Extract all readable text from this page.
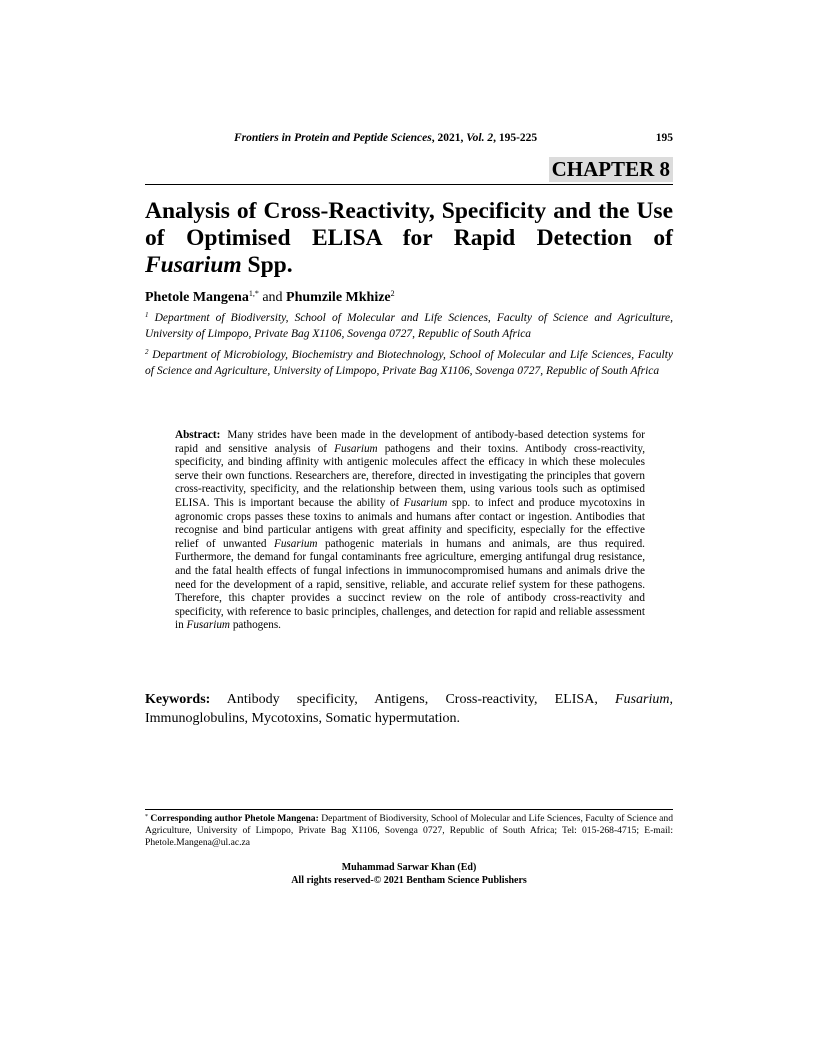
Frontiers in Protein and Peptide Sciences, 2021, Vol. 2, 195-225	195
CHAPTER 8
Analysis of Cross-Reactivity, Specificity and the Use of Optimised ELISA for Rapid Detection of Fusarium Spp.
Phetole Mangena$^{1,*}$ and Phumzile Mkhize$^2$
$^1$ Department of Biodiversity, School of Molecular and Life Sciences, Faculty of Science and Agriculture, University of Limpopo, Private Bag X1106, Sovenga 0727, Republic of South Africa
$^2$ Department of Microbiology, Biochemistry and Biotechnology, School of Molecular and Life Sciences, Faculty of Science and Agriculture, University of Limpopo, Private Bag X1106, Sovenga 0727, Republic of South Africa
Abstract: Many strides have been made in the development of antibody-based detection systems for rapid and sensitive analysis of Fusarium pathogens and their toxins. Antibody cross-reactivity, specificity, and binding affinity with antigenic molecules affect the efficacy in which these molecules serve their own functions. Researchers are, therefore, directed in investigating the principles that govern cross-reactivity, specificity, and the relationship between them, using various tools such as optimised ELISA. This is important because the ability of Fusarium spp. to infect and produce mycotoxins in agronomic crops passes these toxins to animals and humans after contact or ingestion. Antibodies that recognise and bind particular antigens with great affinity and specificity, especially for the effective relief of unwanted Fusarium pathogenic materials in humans and animals, are thus required. Furthermore, the demand for fungal contaminants free agriculture, emerging antifungal drug resistance, and the fatal health effects of fungal infections in immunocompromised humans and animals drive the need for the development of a rapid, sensitive, reliable, and accurate relief system for these pathogens. Therefore, this chapter provides a succinct review on the role of antibody cross-reactivity and specificity, with reference to basic principles, challenges, and detection for rapid and reliable assessment in Fusarium pathogens.
Keywords: Antibody specificity, Antigens, Cross-reactivity, ELISA, Fusarium, Immunoglobulins, Mycotoxins, Somatic hypermutation.
* Corresponding author Phetole Mangena: Department of Biodiversity, School of Molecular and Life Sciences, Faculty of Science and Agriculture, University of Limpopo, Private Bag X1106, Sovenga 0727, Republic of South Africa; Tel: 015-268-4715; E-mail: Phetole.Mangena@ul.ac.za
Muhammad Sarwar Khan (Ed)
All rights reserved-© 2021 Bentham Science Publishers
